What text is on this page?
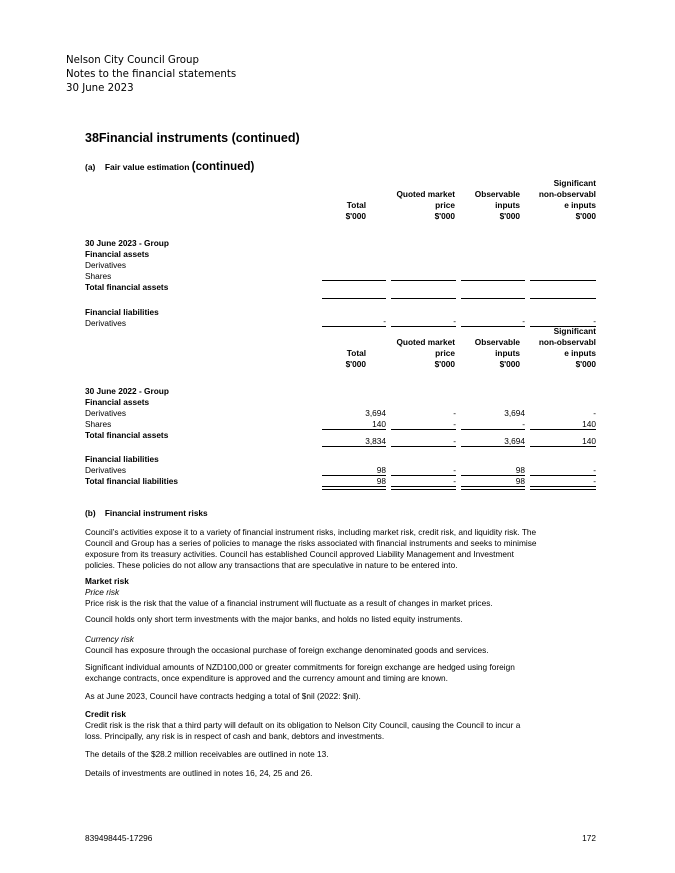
Nelson City Council Group
Notes to the financial statements
30 June 2023
38Financial instruments (continued)
(a) Fair value estimation (continued)

Total
$'000

Quoted market
price
$'000

Observable
inputs
$'000
Significant
non-observabl
e inputs
$'000
30 June 2023 - Group
Financial assets
Derivatives
Shares
Total financial assets
Financial liabilities
Derivatives	-	-	-	-

Total
$'000

Quoted market
price
$'000

Observable
inputs
$'000
Significant
non-observabl
e inputs
$'000
30 June 2022 - Group
Financial assets
Derivatives	3,694	-	3,694	-
Shares	140	-	-	140
Total financial assets
3,834	-	3,694	140
Financial liabilities
Derivatives	98	-	98	-
Total financial liabilities	98	-	98	-
(b) Financial instrument risks

Council’s activities expose it to a variety of financial instrument risks, including market risk, credit risk, and liquidity risk. The

Council and Group has a series of policies to manage the risks associated with financial instruments and seeks to minimise

exposure from its treasury activities. Council has established Council approved Liability Management and Investment

policies. These policies do not allow any transactions that are speculative in nature to be entered into.

Market risk

Price risk

Price risk is the risk that the value of a financial instrument will fluctuate as a result of changes in market prices.

Council holds only short term investments with the major banks, and holds no listed equity instruments.

Currency risk

Council has exposure through the occasional purchase of foreign exchange denominated goods and services.

Significant individual amounts of NZD100,000 or greater commitments for foreign exchange are hedged using foreign

exchange contracts, once expenditure is approved and the currency amount and timing are known.

As at June 2023, Council have contracts hedging a total of $nil (2022: $nil).

Credit risk

Credit risk is the risk that a third party will default on its obligation to Nelson City Council, causing the Council to incur a

loss. Principally, any risk is in respect of cash and bank, debtors and investments.

The details of the $28.2 million receivables are outlined in note 13.
Details of investments are outlined in notes 16, 24, 25 and 26.
839498445-17296	172
